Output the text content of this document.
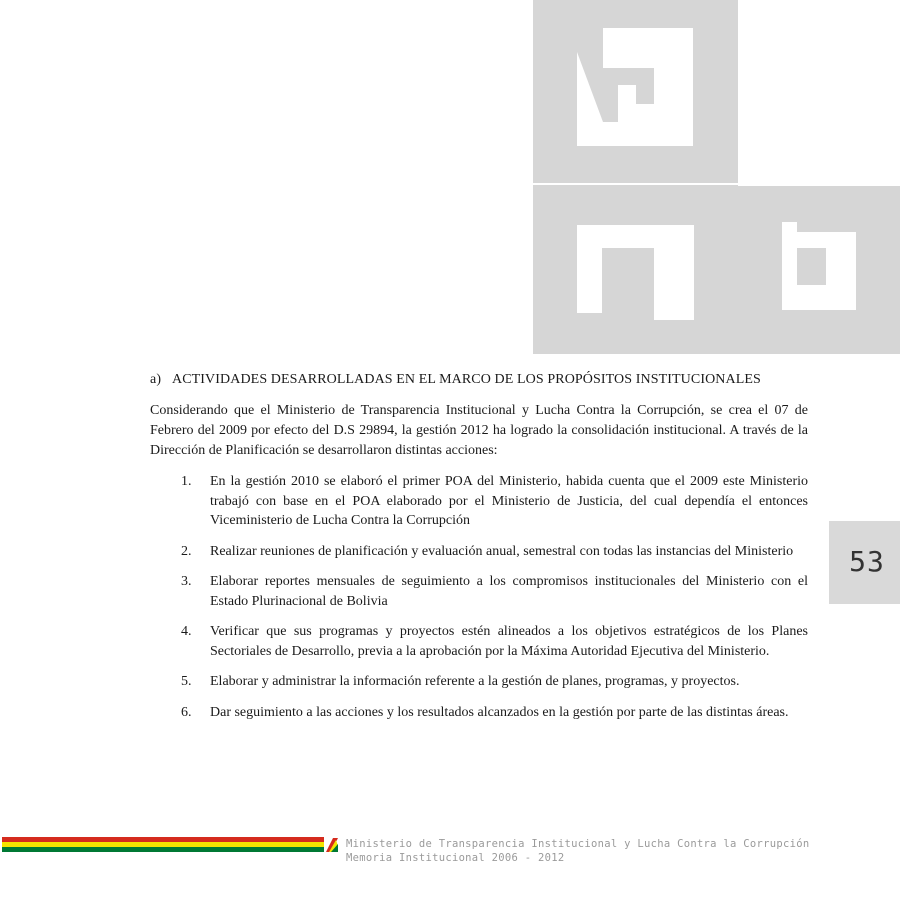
a) ACTIVIDADES DESARROLLADAS EN EL MARCO DE LOS PROPÓSITOS INSTITUCIONALES
Considerando que el Ministerio de Transparencia Institucional y Lucha Contra la Corrupción, se crea el 07 de Febrero del 2009 por efecto del D.S 29894, la gestión 2012 ha logrado la consolidación institucional. A través de la Dirección de Planificación se desarrollaron distintas acciones:
1. En la gestión 2010 se elaboró el primer POA del Ministerio, habida cuenta que el 2009 este Ministerio trabajó con base en el POA elaborado por el Ministerio de Justicia, del cual dependía el entonces Viceministerio de Lucha Contra la Corrupción
2. Realizar reuniones de planificación y evaluación anual, semestral con todas las instancias del Ministerio
3. Elaborar reportes mensuales de seguimiento a los compromisos institucionales del Ministerio con el Estado Plurinacional de Bolivia
4. Verificar que sus programas y proyectos estén alineados a los objetivos estratégicos de los Planes Sectoriales de Desarrollo, previa a la aprobación por la Máxima Autoridad Ejecutiva del Ministerio.
5. Elaborar y administrar la información referente a la gestión de planes, programas, y proyectos.
6. Dar seguimiento a las acciones y los resultados alcanzados en la gestión por parte de las distintas áreas.
53
Ministerio de Transparencia Institucional y Lucha Contra la Corrupción
Memoria Institucional 2006 - 2012
